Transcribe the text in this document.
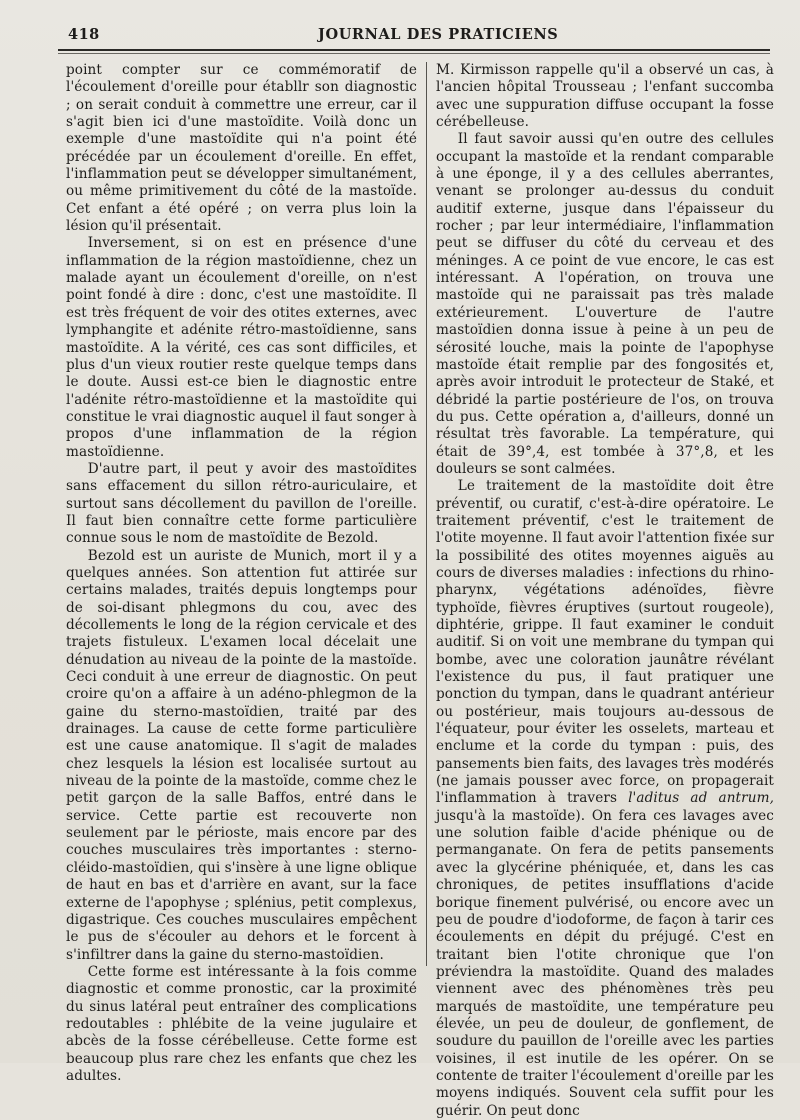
418	JOURNAL DES PRATICIENS

point compter sur ce commémoratif de l'écoulement d'oreille pour établlr son diagnostic ; on serait conduit à commettre une erreur, car il s'agit bien ici d'une mastoïdite. Voilà donc un exemple d'une mastoïdite qui n'a point été précédée par un écoulement d'oreille. En effet, l'inflammation peut se développer simultanément, ou même primitivement du côté de la mastoïde. Cet enfant a été opéré ; on verra plus loin la lésion qu'il présentait.

Inversement, si on est en présence d'une inflammation de la région mastoïdienne, chez un malade ayant un écoulement d'oreille, on n'est point fondé à dire : donc, c'est une mastoïdite. Il est très fréquent de voir des otites externes, avec lymphangite et adénite rétro-mastoïdienne, sans mastoïdite. A la vérité, ces cas sont difficiles, et plus d'un vieux routier reste quelque temps dans le doute. Aussi est-ce bien le diagnostic entre l'adénite rétro-mastoïdienne et la mastoïdite qui constitue le vrai diagnostic auquel il faut songer à propos d'une inflammation de la région mastoïdienne.

D'autre part, il peut y avoir des mastoïdites sans effacement du sillon rétro-auriculaire, et surtout sans décollement du pavillon de l'oreille. Il faut bien connaître cette forme particulière connue sous le nom de mastoïdite de Bezold.

Bezold est un auriste de Munich, mort il y a quelques années. Son attention fut attirée sur certains malades, traités depuis longtemps pour de soi-disant phlegmons du cou, avec des décollements le long de la région cervicale et des trajets fistuleux. L'examen local décelait une dénudation au niveau de la pointe de la mastoïde. Ceci conduit à une erreur de diagnostic. On peut croire qu'on a affaire à un adéno-phlegmon de la gaine du sterno-mastoïdien, traité par des drainages. La cause de cette forme particulière est une cause anatomique. Il s'agit de malades chez lesquels la lésion est localisée surtout au niveau de la pointe de la mastoïde, comme chez le petit garçon de la salle Baffos, entré dans le service. Cette partie est recouverte non seulement par le périoste, mais encore par des couches musculaires très importantes : sterno-cléido-mastoïdien, qui s'insère à une ligne oblique de haut en bas et d'arrière en avant, sur la face externe de l'apophyse ; splénius, petit complexus, digastrique. Ces couches musculaires empêchent le pus de s'écouler au dehors et le forcent à s'infiltrer dans la gaine du sterno-mastoïdien.

Cette forme est intéressante à la fois comme diagnostic et comme pronostic, car la proximité du sinus latéral peut entraîner des complications redoutables : phlébite de la veine jugulaire et abcès de la fosse cérébelleuse. Cette forme est beaucoup plus rare chez les enfants que chez les adultes.

M. Kirmisson rappelle qu'il a observé un cas, à l'ancien hôpital Trousseau ; l'enfant succomba avec une suppuration diffuse occupant la fosse cérébelleuse.

Il faut savoir aussi qu'en outre des cellules occupant la mastoïde et la rendant comparable à une éponge, il y a des cellules aberrantes, venant se prolonger au-dessus du conduit auditif externe, jusque dans l'épaisseur du rocher ; par leur intermédiaire, l'inflammation peut se diffuser du côté du cerveau et des méninges. A ce point de vue encore, le cas est intéressant. A l'opération, on trouva une mastoïde qui ne paraissait pas très malade extérieurement. L'ouverture de l'autre mastoïdien donna issue à peine à un peu de sérosité louche, mais la pointe de l'apophyse mastoïde était remplie par des fongosités et, après avoir introduit le protecteur de Staké, et débridé la partie postérieure de l'os, on trouva du pus. Cette opération a, d'ailleurs, donné un résultat très favorable. La température, qui était de 39°,4, est tombée à 37°,8, et les douleurs se sont calmées.

Le traitement de la mastoïdite doit être préventif, ou curatif, c'est-à-dire opératoire. Le traitement préventif, c'est le traitement de l'otite moyenne. Il faut avoir l'attention fixée sur la possibilité des otites moyennes aiguës au cours de diverses maladies : infections du rhino-pharynx, végétations adénoïdes, fièvre typhoïde, fièvres éruptives (surtout rougeole), diphtérie, grippe. Il faut examiner le conduit auditif. Si on voit une membrane du tympan qui bombe, avec une coloration jaunâtre révélant l'existence du pus, il faut pratiquer une ponction du tympan, dans le quadrant antérieur ou postérieur, mais toujours au-dessous de l'équateur, pour éviter les osselets, marteau et enclume et la corde du tympan : puis, des pansements bien faits, des lavages très modérés (ne jamais pousser avec force, on propagerait l'inflammation à travers l'aditus ad antrum, jusqu'à la mastoïde). On fera ces lavages avec une solution faible d'acide phénique ou de permanganate. On fera de petits pansements avec la glycérine phéniquée, et, dans les cas chroniques, de petites insufflations d'acide borique finement pulvérisé, ou encore avec un peu de poudre d'iodoforme, de façon à tarir ces écoulements en dépit du préjugé. C'est en traitant bien l'otite chronique que l'on préviendra la mastoïdite. Quand des malades viennent avec des phénomènes très peu marqués de mastoïdite, une température peu élevée, un peu de douleur, de gonflement, de soudure du pauillon de l'oreille avec les parties voisines, il est inutile de les opérer. On se contente de traiter l'écoulement d'oreille par les moyens indiqués. Souvent cela suffit pour les guérir. On peut donc
